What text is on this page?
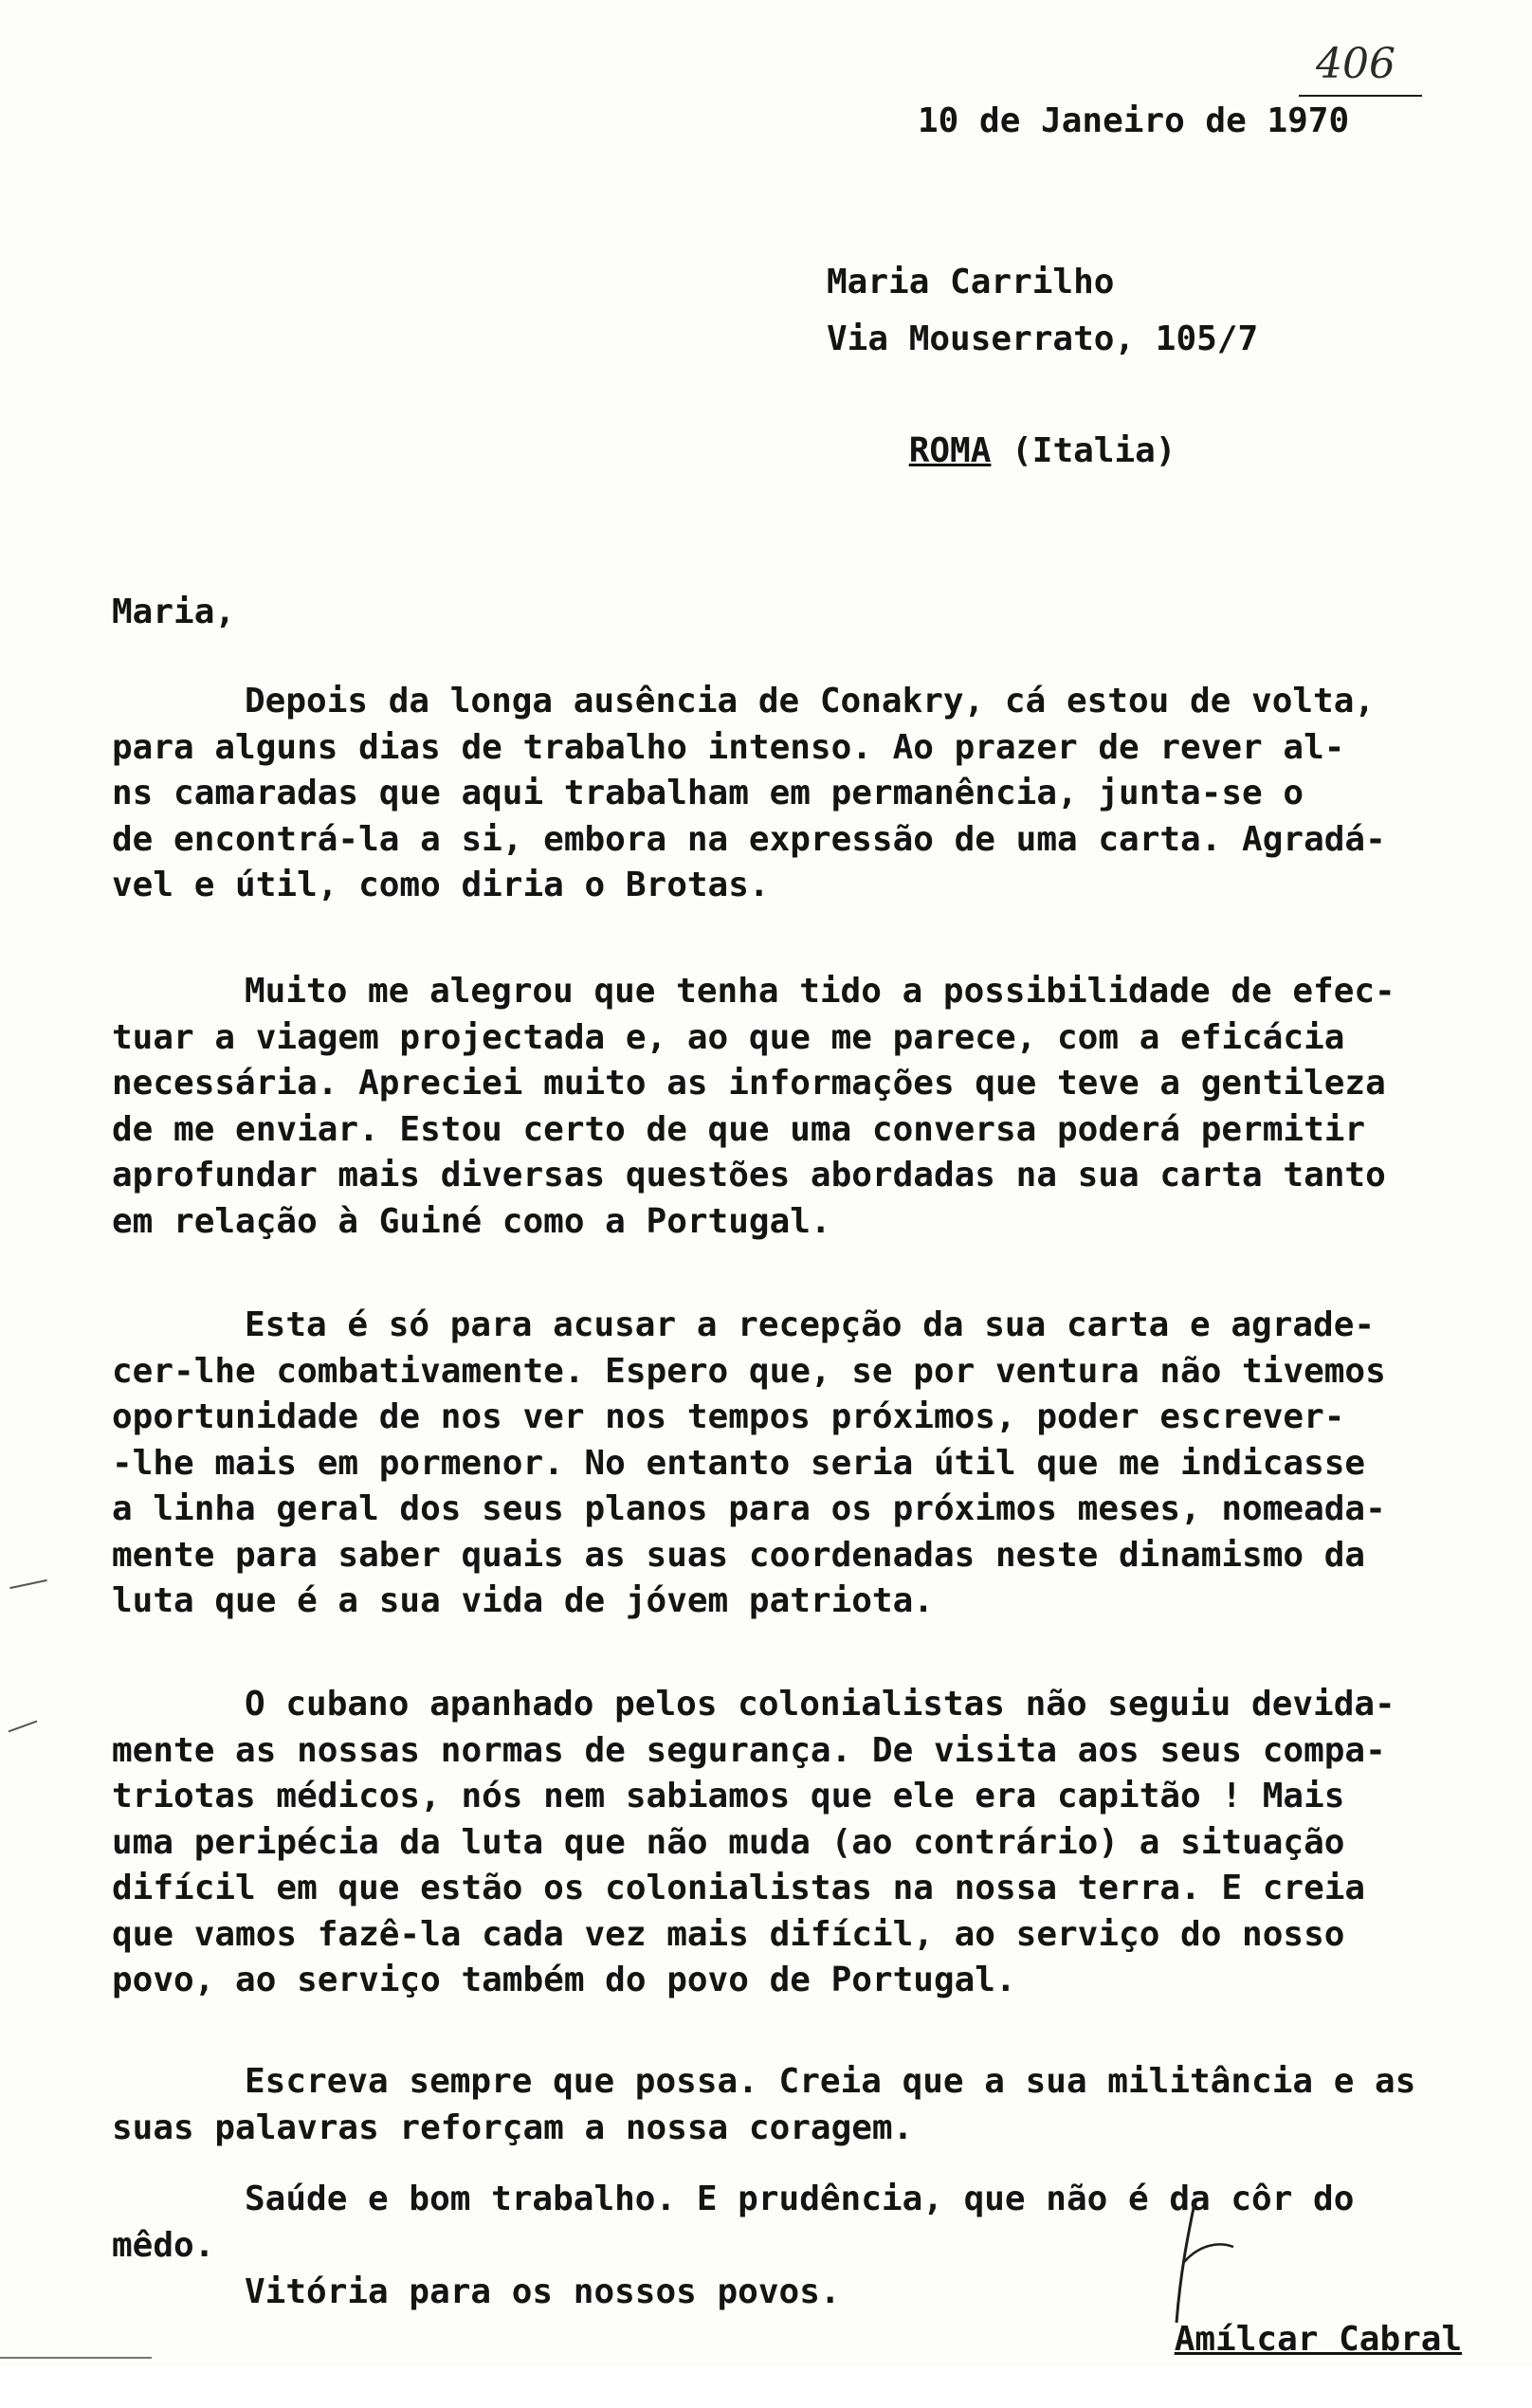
406
10 de Janeiro de 1970
Maria Carrilho
Via Mouserrato, 105/7

ROMA (Italia)

Maria,
Depois da longa ausência de Conakry, cá estou de volta,
para alguns dias de trabalho intenso. Ao prazer de rever al-
ns camaradas que aqui trabalham em permanência, junta-se o
de encontrá-la a si, embora na expressão de uma carta. Agradá-
vel e útil, como diria o Brotas.
Muito me alegrou que tenha tido a possibilidade de efec-
tuar a viagem projectada e, ao que me parece, com a eficácia
necessária. Apreciei muito as informações que teve a gentileza
de me enviar. Estou certo de que uma conversa poderá permitir
aprofundar mais diversas questões abordadas na sua carta tanto
em relação à Guiné como a Portugal.
Esta é só para acusar a recepção da sua carta e agrade-
cer-lhe combativamente. Espero que, se por ventura não tivemos
oportunidade de nos ver nos tempos próximos, poder escrever-
-lhe mais em pormenor. No entanto seria útil que me indicasse
a linha geral dos seus planos para os próximos meses, nomeada-
mente para saber quais as suas coordenadas neste dinamismo da
luta que é a sua vida de jóvem patriota.
O cubano apanhado pelos colonialistas não seguiu devida-
mente as nossas normas de segurança. De visita aos seus compa-
triotas médicos, nós nem sabiamos que ele era capitão ! Mais
uma peripécia da luta que não muda (ao contrário) a situação
difícil em que estão os colonialistas na nossa terra. E creia
que vamos fazê-la cada vez mais difícil, ao serviço do nosso
povo, ao serviço também do povo de Portugal.
Escreva sempre que possa. Creia que a sua militância e as
suas palavras reforçam a nossa coragem.
Saúde e bom trabalho. E prudência, que não é da côr do
mêdo.
Vitória para os nossos povos.

Amílcar Cabral
